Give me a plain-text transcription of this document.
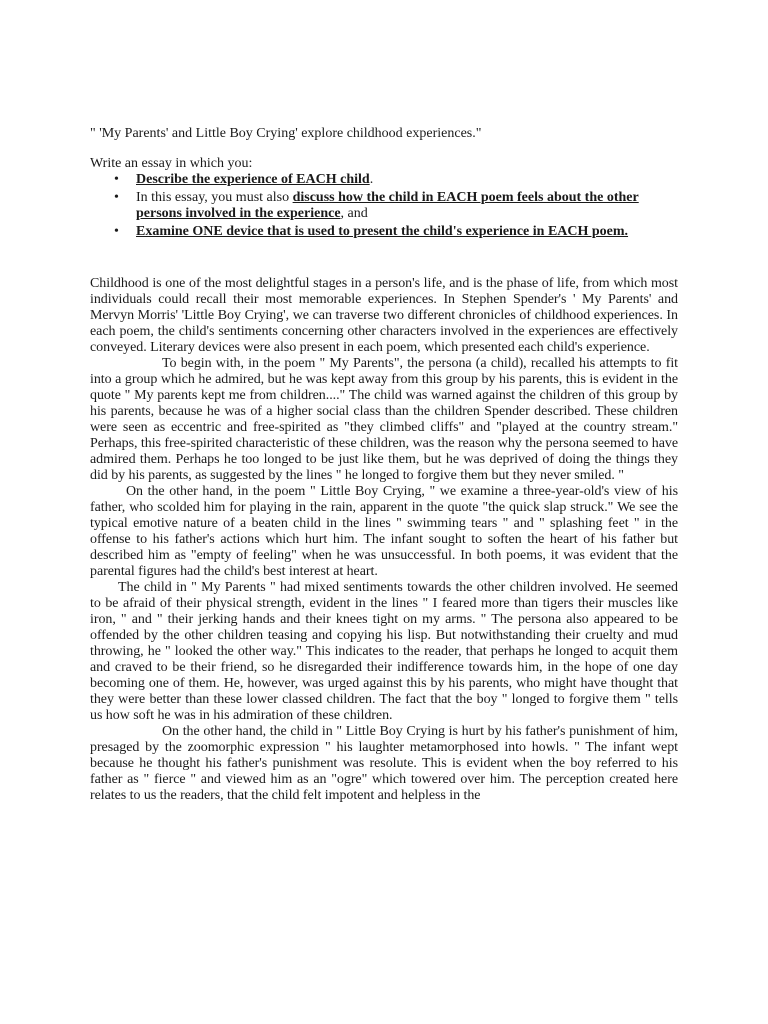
" 'My Parents' and Little Boy Crying' explore childhood experiences."

Write an essay in which you:

• Describe the experience of EACH child.
• In this essay, you must also discuss how the child in EACH poem feels about the other persons involved in the experience, and
• Examine ONE device that is used to present the child's experience in EACH poem.

Childhood is one of the most delightful stages in a person's life, and is the phase of life, from which most individuals could recall their most memorable experiences. In Stephen Spender's ' My Parents' and Mervyn Morris' 'Little Boy Crying', we can traverse two different chronicles of childhood experiences. In each poem, the child's sentiments concerning other characters involved in the experiences are effectively conveyed. Literary devices were also present in each poem, which presented each child's experience.

To begin with, in the poem " My Parents", the persona (a child), recalled his attempts to fit into a group which he admired, but he was kept away from this group by his parents, this is evident in the quote " My parents kept me from children...." The child was warned against the children of this group by his parents, because he was of a higher social class than the children Spender described. These children were seen as eccentric and free-spirited as "they climbed cliffs" and "played at the country stream." Perhaps, this free-spirited characteristic of these children, was the reason why the persona seemed to have admired them. Perhaps he too longed to be just like them, but he was deprived of doing the things they did by his parents, as suggested by the lines " he longed to forgive them but they never smiled. "

On the other hand, in the poem " Little Boy Crying, " we examine a three-year-old's view of his father, who scolded him for playing in the rain, apparent in the quote "the quick slap struck." We see the typical emotive nature of a beaten child in the lines " swimming tears " and " splashing feet " in the offense to his father's actions which hurt him. The infant sought to soften the heart of his father but described him as "empty of feeling" when he was unsuccessful. In both poems, it was evident that the parental figures had the child's best interest at heart.

The child in " My Parents " had mixed sentiments towards the other children involved. He seemed to be afraid of their physical strength, evident in the lines " I feared more than tigers their muscles like iron, " and " their jerking hands and their knees tight on my arms. " The persona also appeared to be offended by the other children teasing and copying his lisp. But notwithstanding their cruelty and mud throwing, he " looked the other way." This indicates to the reader, that perhaps he longed to acquit them and craved to be their friend, so he disregarded their indifference towards him, in the hope of one day becoming one of them. He, however, was urged against this by his parents, who might have thought that they were better than these lower classed children. The fact that the boy " longed to forgive them " tells us how soft he was in his admiration of these children.

On the other hand, the child in " Little Boy Crying is hurt by his father's punishment of him, presaged by the zoomorphic expression " his laughter metamorphosed into howls. " The infant wept because he thought his father's punishment was resolute. This is evident when the boy referred to his father as " fierce " and viewed him as an "ogre" which towered over him. The perception created here relates to us the readers, that the child felt impotent and helpless in the
